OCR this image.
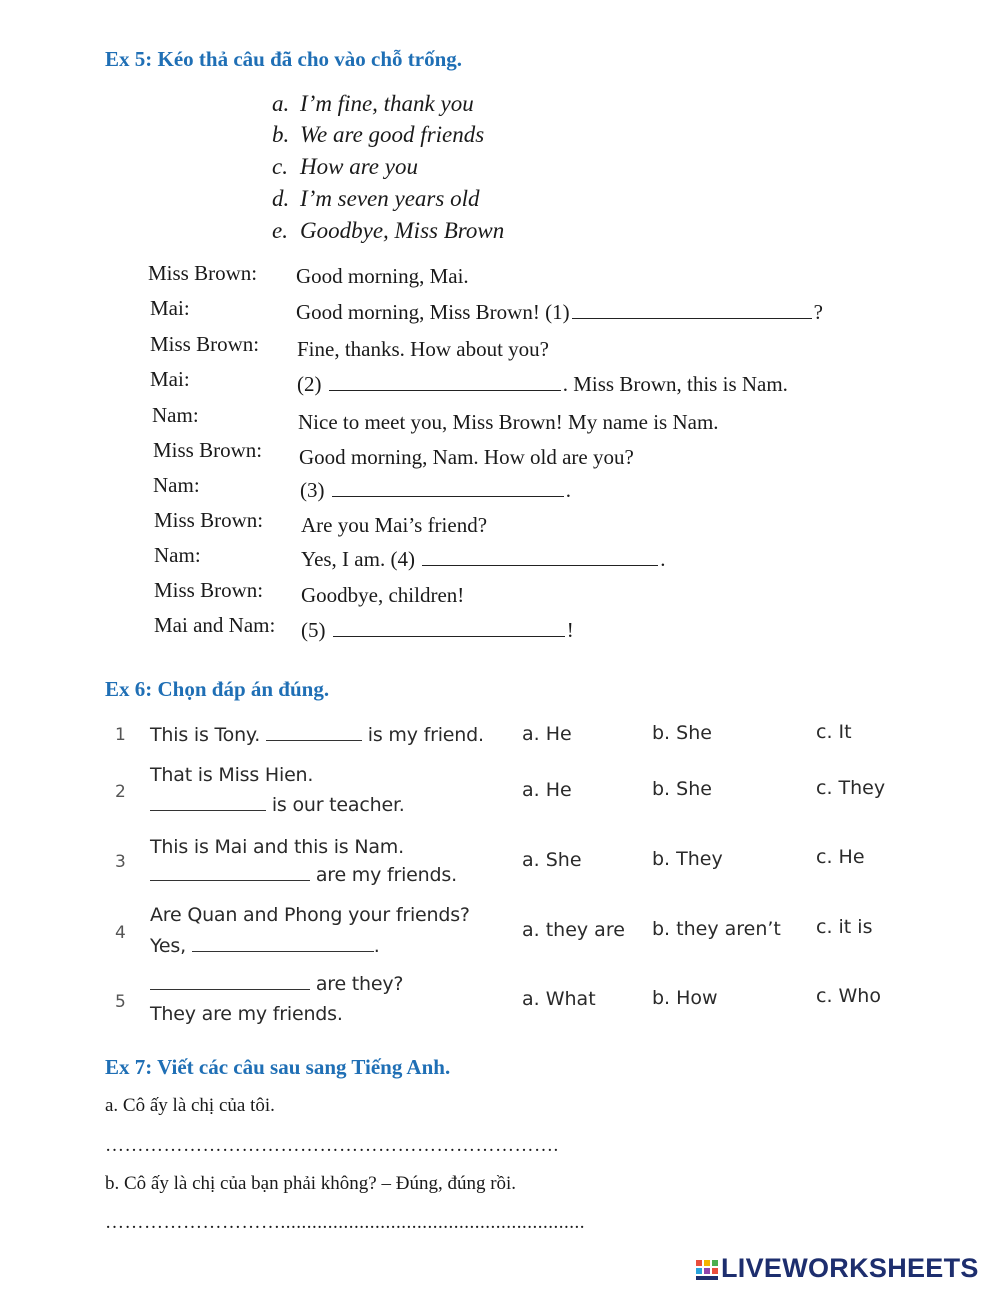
Ex 5: Kéo thả câu đã cho vào chỗ trống.
a. I’m fine, thank you
b. We are good friends
c. How are you
d. I’m seven years old
e. Goodbye, Miss Brown
Miss Brown: Good morning, Mai.
Mai:	Good morning, Miss Brown! (1)	?
Miss Brown: Fine, thanks. How about you?
Mai:	(2)	. Miss Brown, this is Nam.
Nam:	Nice to meet you, Miss Brown! My name is Nam.
Miss Brown: Good morning, Nam. How old are you?
Nam:	(3)	.
Miss Brown: Are you Mai’s friend?
Nam:	Yes, I am. (4)	.
Miss Brown: Goodbye, children!
Mai and Nam: (5)	!
Ex 6: Chọn đáp án đúng.
1 This is Tony.	is my friend. a. He	b. She	c. It
2
That is Miss Hien.
is our teacher.
a. He	b. She	c. They
3
This is Mai and this is Nam.
are my friends.
a. She	b. They	c. He
4
Are Quan and Phong your friends?
Yes,	.
a. they are b. they aren’t c. it is
5
are they?
They are my friends.
a. What	b. How	c. Who
Ex 7: Viết các câu sau sang Tiếng Anh.
a. Cô ấy là chị của tôi.
…………………………………………………………….
b. Cô ấy là chị của bạn phải không? – Đúng, đúng rồi.
………………………..........................................................
LIVEWORKSHEETS
